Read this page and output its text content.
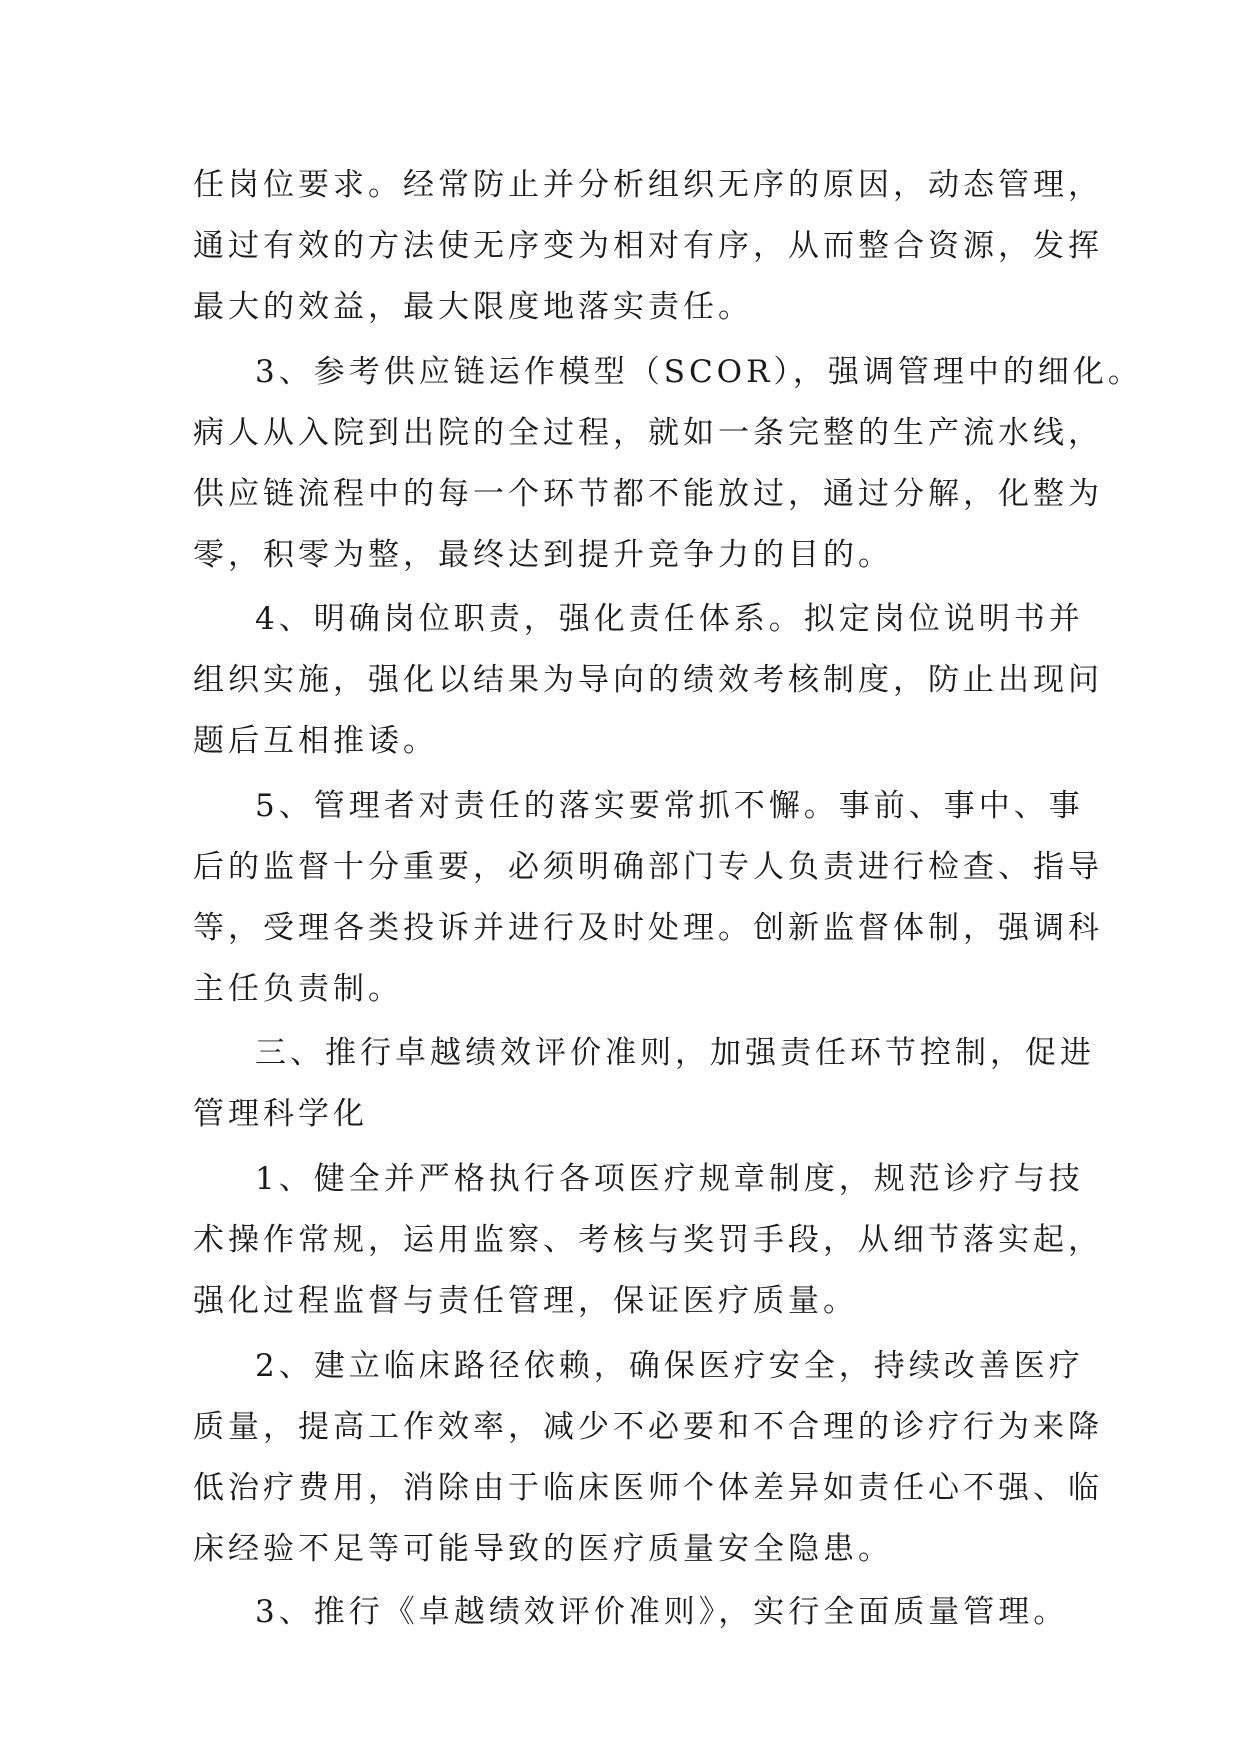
任岗位要求。经常防止并分析组织无序的原因，动态管理，
通过有效的方法使无序变为相对有序，从而整合资源，发挥
最大的效益，最大限度地落实责任。
3、参考供应链运作模型（SCOR），强调管理中的细化。
病人从入院到出院的全过程，就如一条完整的生产流水线，
供应链流程中的每一个环节都不能放过，通过分解，化整为
零，积零为整，最终达到提升竞争力的目的。
4、明确岗位职责，强化责任体系。拟定岗位说明书并
组织实施，强化以结果为导向的绩效考核制度，防止出现问
题后互相推诿。
5、管理者对责任的落实要常抓不懈。事前、事中、事
后的监督十分重要，必须明确部门专人负责进行检查、指导
等，受理各类投诉并进行及时处理。创新监督体制，强调科
主任负责制。
三、推行卓越绩效评价准则，加强责任环节控制，促进
管理科学化
1、健全并严格执行各项医疗规章制度，规范诊疗与技
术操作常规，运用监察、考核与奖罚手段，从细节落实起，
强化过程监督与责任管理，保证医疗质量。
2、建立临床路径依赖，确保医疗安全，持续改善医疗
质量，提高工作效率，减少不必要和不合理的诊疗行为来降
低治疗费用，消除由于临床医师个体差异如责任心不强、临
床经验不足等可能导致的医疗质量安全隐患。
3、推行《卓越绩效评价准则》，实行全面质量管理。
